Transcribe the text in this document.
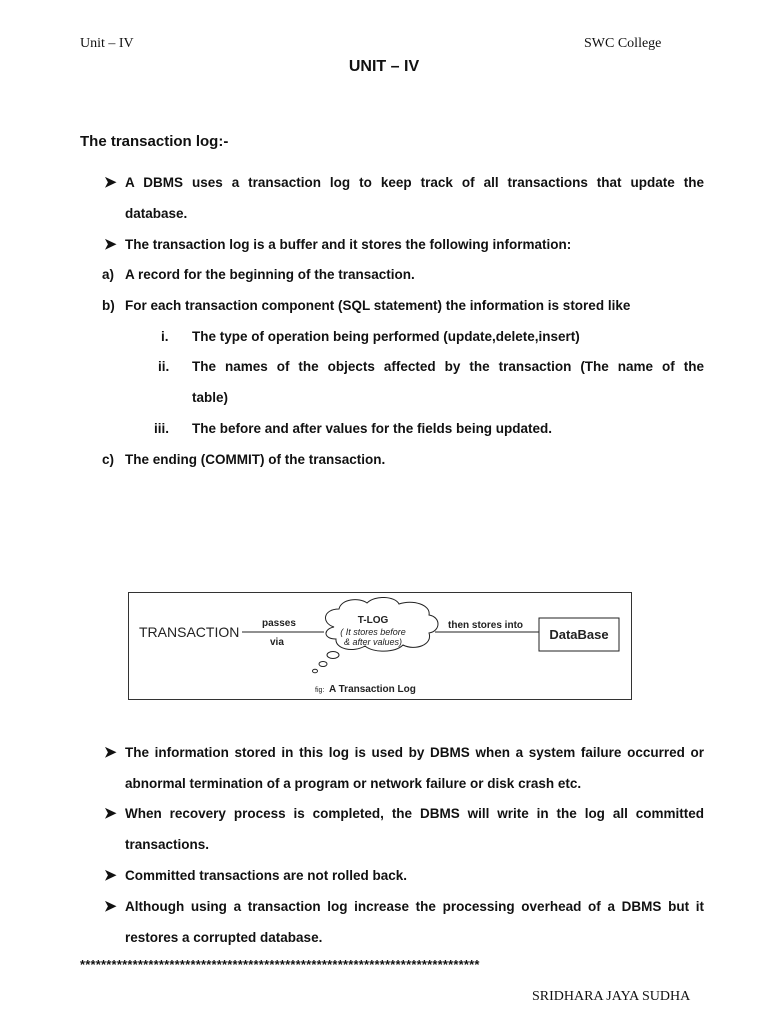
Unit – IV	SWC College
UNIT – IV
The transaction log:-
➤ A DBMS uses a transaction log to keep track of all transactions that update the
database.
➤ The transaction log is a buffer and it stores the following information:
a) A record for the beginning of the transaction.
b) For each transaction component (SQL statement) the information is stored like
i. The type of operation being performed (update,delete,insert)
ii. The names of the objects affected by the transaction (The name of the
table)
iii. The before and after values for the fields being updated.
c) The ending (COMMIT) of the transaction.
TRANSACTION
passes
via
T-LOG
( It stores before
& after values)
then stores into
DataBase
fig: A Transaction Log
➤ The information stored in this log is used by DBMS when a system failure occurred or
abnormal termination of a program or network failure or disk crash etc.
➤ When recovery process is completed, the DBMS will write in the log all committed
transactions.
➤ Committed transactions are not rolled back.
➤ Although using a transaction log increase the processing overhead of a DBMS but it
restores a corrupted database.
****************************************************************************
SRIDHARA JAYA SUDHA
